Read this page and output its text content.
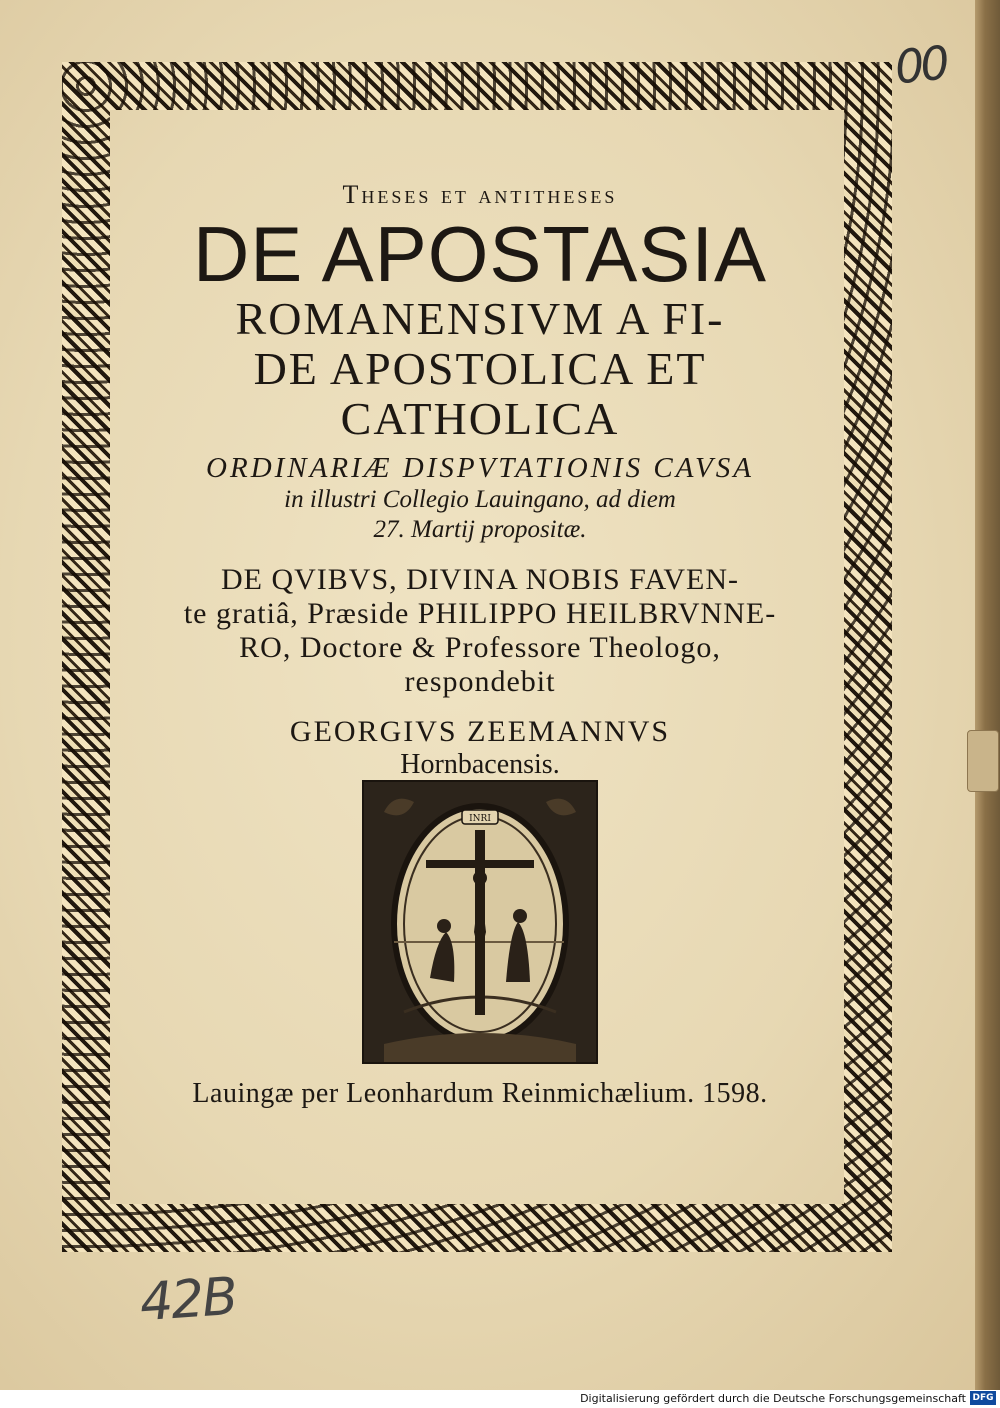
00
42B
Theses et antitheses
DE APOSTASIA
ROMANENSIVM A FI-
DE APOSTOLICA ET
CATHOLICA
ORDINARIÆ DISPVTATIONIS CAVSA
in illustri Collegio Lauingano, ad diem
27. Martij propositæ.
DE QVIBVS, DIVINA NOBIS FAVEN-
te gratiâ, Præside PHILIPPO HEILBRVNNE-
RO, Doctore & Professore Theologo,
respondebit
GEORGIVS ZEEMANNVS
Hornbacensis.
INRI
Lauingæ per Leonhardum Reinmichælium. 1598.
Digitalisierung gefördert durch die Deutsche Forschungsgemeinschaft DFG
